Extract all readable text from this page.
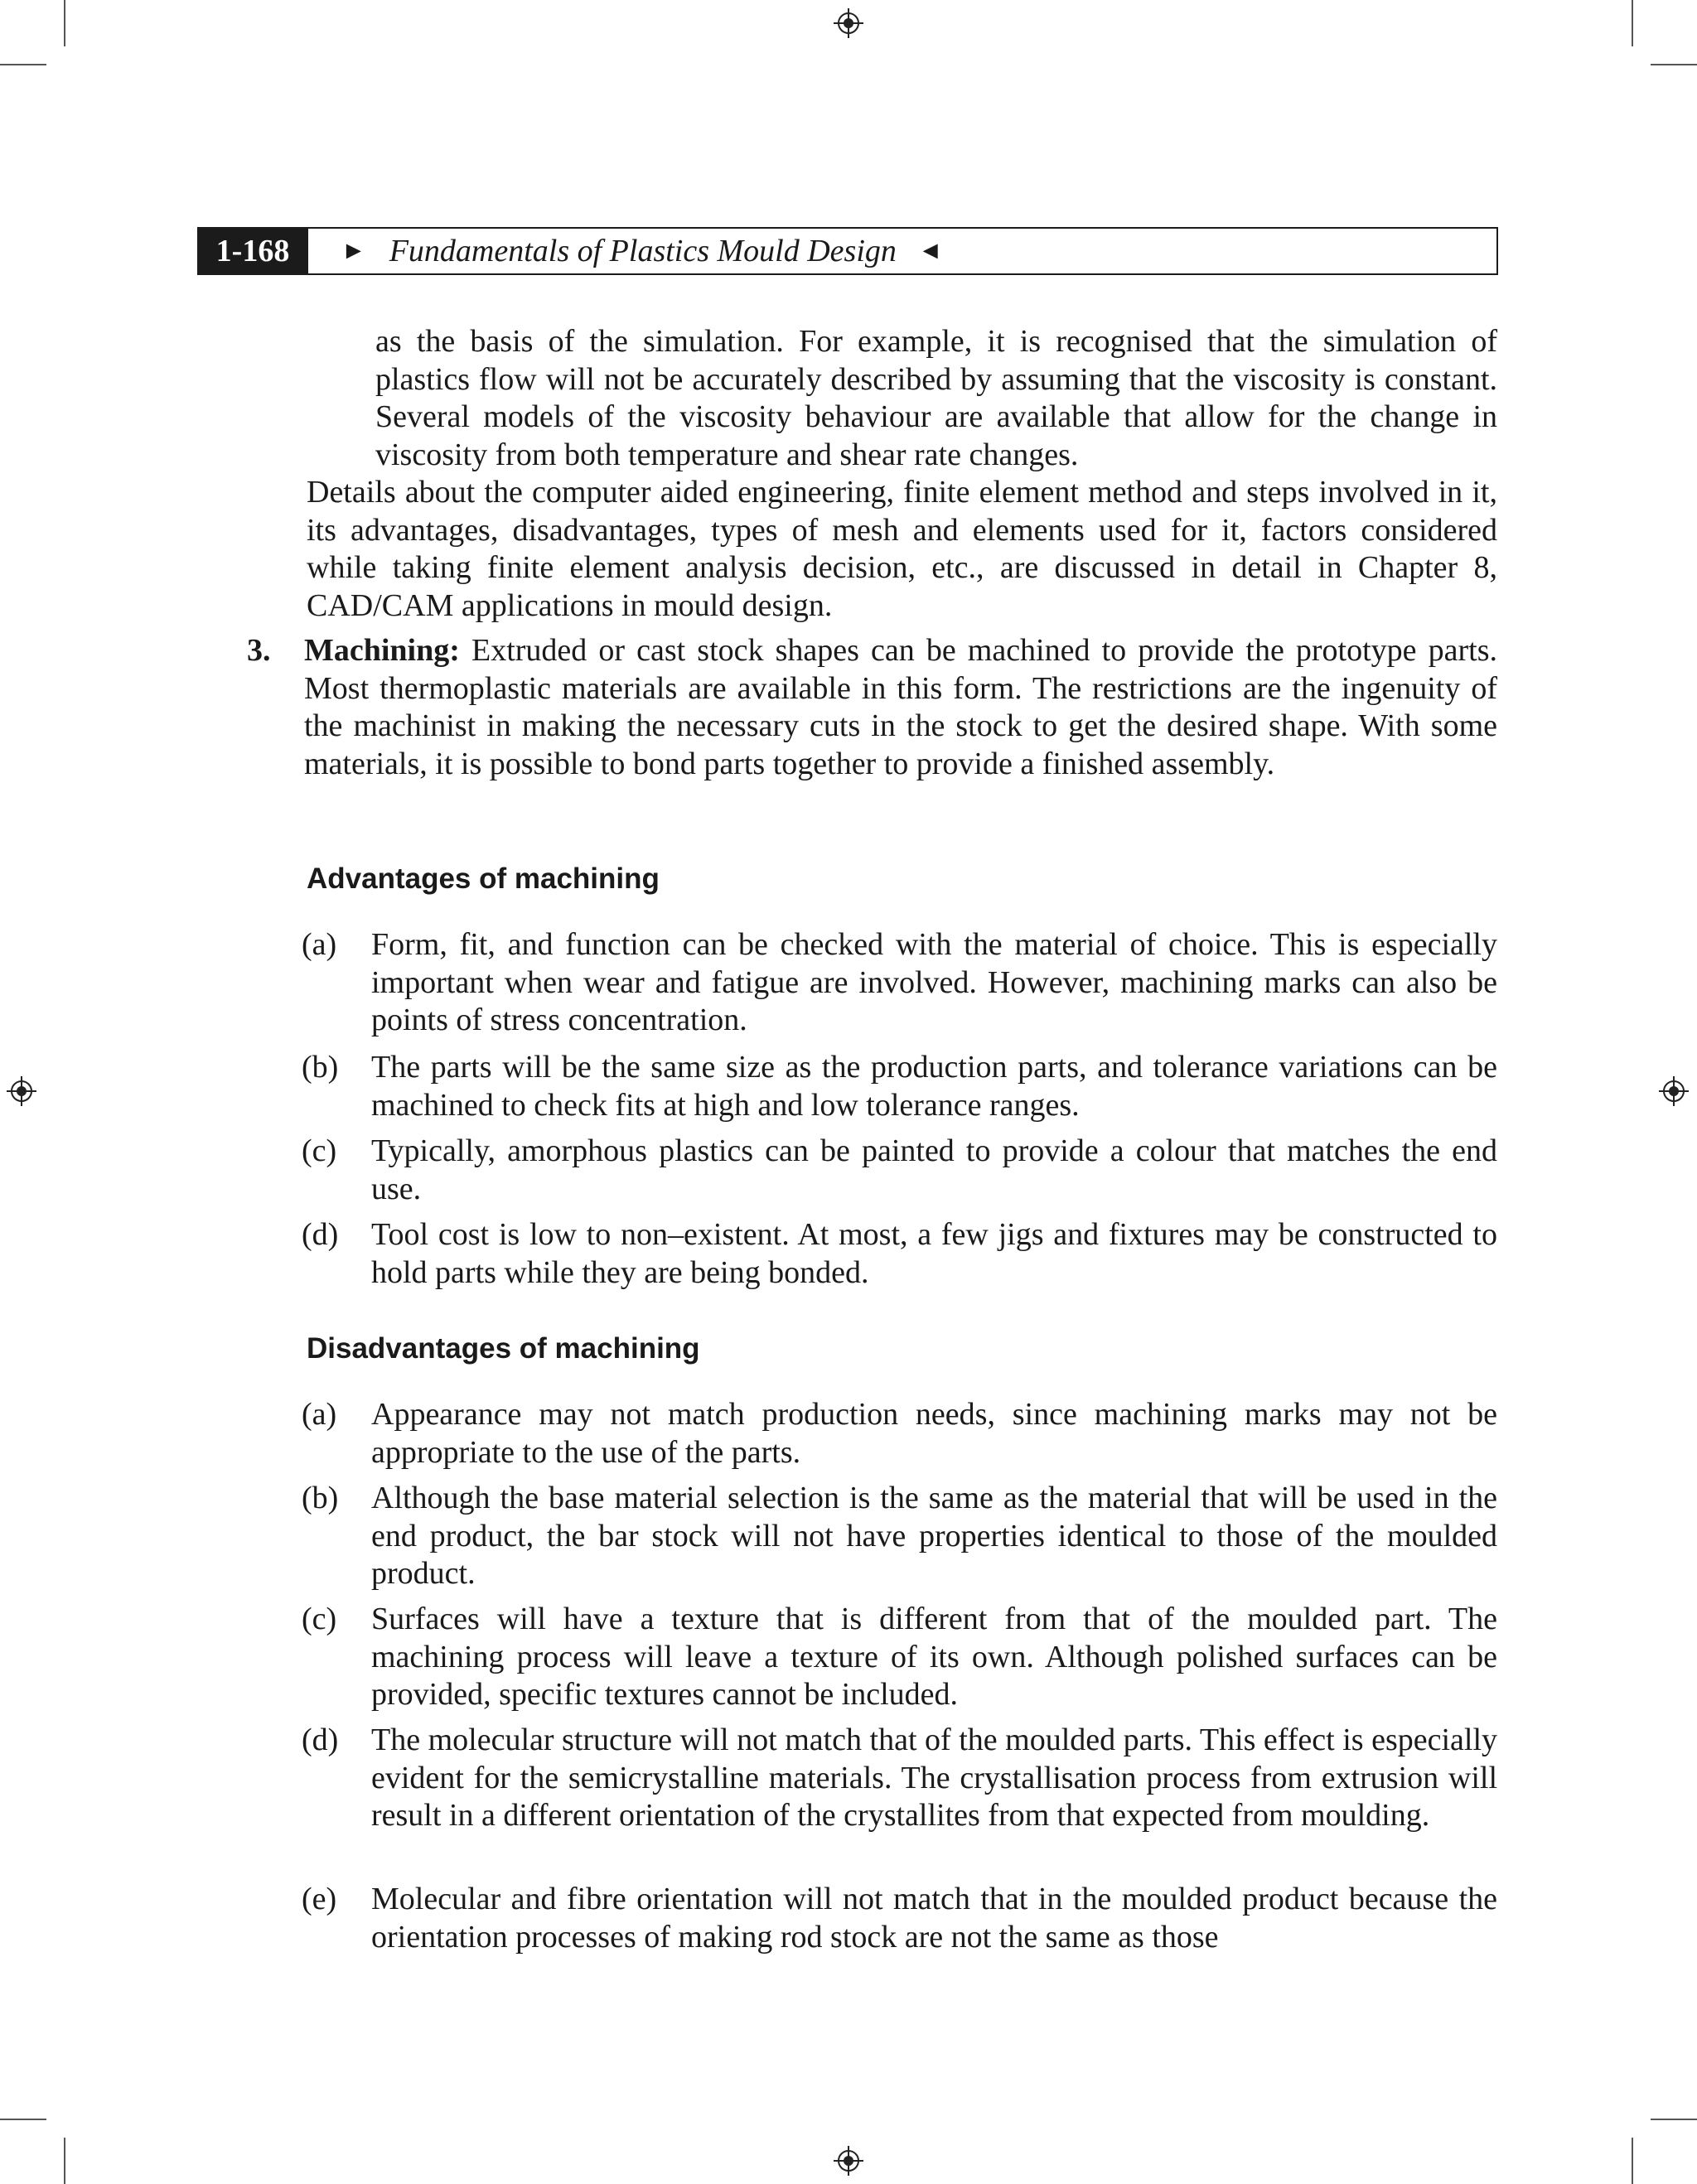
1-168	► Fundamentals of Plastics Mould Design ◄

as the basis of the simulation. For example, it is recognised that the simulation of plastics flow will not be accurately described by assuming that the viscosity is constant. Several models of the viscosity behaviour are available that allow for the change in viscosity from both temperature and shear rate changes.

Details about the computer aided engineering, finite element method and steps involved in it, its advantages, disadvantages, types of mesh and elements used for it, factors considered while taking finite element analysis decision, etc., are discussed in detail in Chapter 8, CAD/CAM applications in mould design.

3. Machining: Extruded or cast stock shapes can be machined to provide the prototype parts. Most thermoplastic materials are available in this form. The restrictions are the ingenuity of the machinist in making the necessary cuts in the stock to get the desired shape. With some materials, it is possible to bond parts together to provide a finished assembly.

Advantages of machining
(a) Form, fit, and function can be checked with the material of choice. This is especially important when wear and fatigue are involved. However, machining marks can also be points of stress concentration.
(b) The parts will be the same size as the production parts, and tolerance variations can be machined to check fits at high and low tolerance ranges.
(c) Typically, amorphous plastics can be painted to provide a colour that matches the end use.
(d) Tool cost is low to non–existent. At most, a few jigs and fixtures may be constructed to hold parts while they are being bonded.
Disadvantages of machining
(a) Appearance may not match production needs, since machining marks may not be appropriate to the use of the parts.
(b) Although the base material selection is the same as the material that will be used in the end product, the bar stock will not have properties identical to those of the moulded product.
(c) Surfaces will have a texture that is different from that of the moulded part. The machining process will leave a texture of its own. Although polished surfaces can be provided, specific textures cannot be included.
(d) The molecular structure will not match that of the moulded parts. This effect is especially evident for the semicrystalline materials. The crystallisation process from extrusion will result in a different orientation of the crystallites from that expected from moulding.
(e) Molecular and fibre orientation will not match that in the moulded product because the orientation processes of making rod stock are not the same as those
